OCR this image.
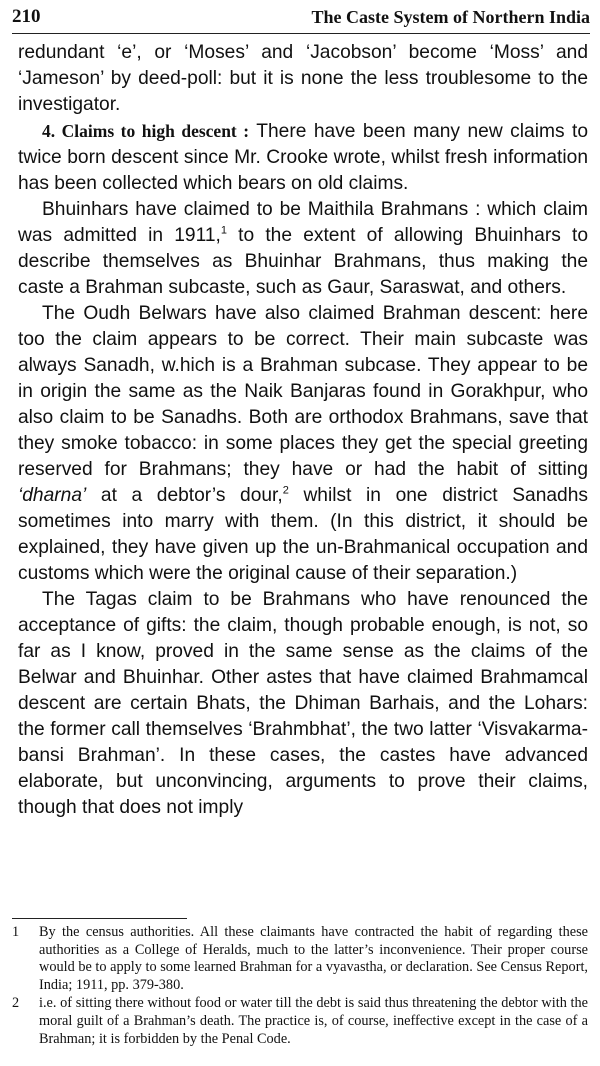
210	The Caste System of Northern India

redundant ‘e’, or ‘Moses’ and ‘Jacobson’ become ‘Moss’ and ‘Jameson’ by deed-poll: but it is none the less troublesome to the investigator.

4. Claims to high descent : There have been many new claims to twice born descent since Mr. Crooke wrote, whilst fresh information has been collected which bears on old claims.

Bhuinhars have claimed to be Maithila Brahmans : which claim was admitted in 1911,$^1$ to the extent of allowing Bhuinhars to describe themselves as Bhuinhar Brahmans, thus making the caste a Brahman subcaste, such as Gaur, Saraswat, and others.

The Oudh Belwars have also claimed Brahman descent: here too the claim appears to be correct. Their main subcaste was always Sanadh, w.hich is a Brahman subcase. They appear to be in origin the same as the Naik Banjaras found in Gorakhpur, who also claim to be Sanadhs. Both are orthodox Brahmans, save that they smoke tobacco: in some places they get the special greeting reserved for Brahmans; they have or had the habit of sitting ‘dharna’ at a debtor’s dour,$^2$ whilst in one district Sanadhs sometimes into marry with them. (In this district, it should be explained, they have given up the un-Brahmanical occupation and customs which were the original cause of their separation.)

The Tagas claim to be Brahmans who have renounced the acceptance of gifts: the claim, though probable enough, is not, so far as I know, proved in the same sense as the claims of the Belwar and Bhuinhar. Other astes that have claimed Brahmamcal descent are certain Bhats, the Dhiman Barhais, and the Lohars: the former call themselves ‘Brahmbhat’, the two latter ‘Visvakarma- bansi Brahman’. In these cases, the castes have advanced elaborate, but unconvincing, arguments to prove their claims, though that does not imply

1 By the census authorities. All these claimants have contracted the habit of regarding these authorities as a College of Heralds, much to the latter’s inconvenience. Their proper course would be to apply to some learned Brahman for a vyavastha, or declaration. See Census Report, India; 1911, pp. 379-380.
2 i.e. of sitting there without food or water till the debt is said thus threatening the debtor with the moral guilt of a Brahman’s death. The practice is, of course, ineffective except in the case of a Brahman; it is forbidden by the Penal Code.
